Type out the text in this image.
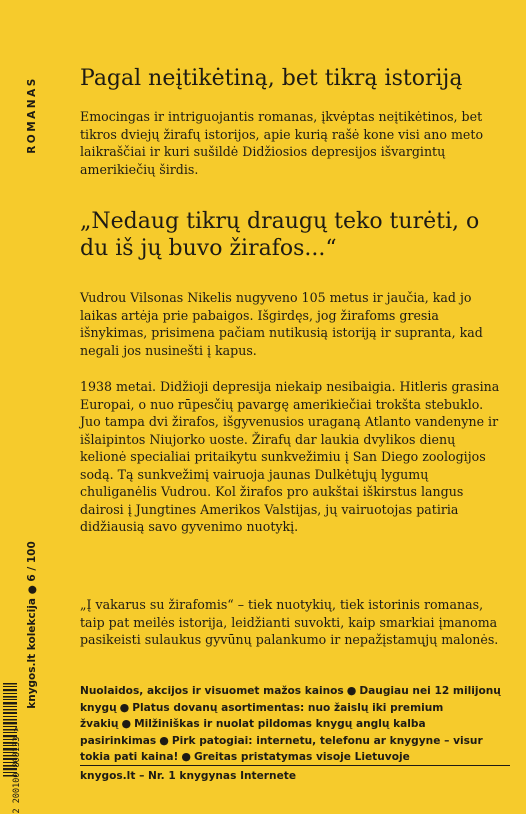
ROMANAS
knygos.lt kolekcija ● 6 / 100
Pagal neįtikėtiną, bet tikrą istoriją

Emocingas ir intriguojantis romanas, įkvėptas neįtikėtinos, bet tikros dviejų žirafų istorijos, apie kurią rašė kone visi ano meto laikraščiai ir kuri sušildė Didžiosios depresijos išvargintų amerikiečių širdis.

„Nedaug tikrų draugų teko turėti, o du iš jų buvo žirafos...“

Vudrou Vilsonas Nikelis nugyveno 105 metus ir jaučia, kad jo laikas artėja prie pabaigos. Išgirdęs, jog žirafoms gresia išnykimas, prisimena pačiam nutikusią istoriją ir supranta, kad negali jos nusinešti į kapus.

1938 metai. Didžioji depresija niekaip nesibaigia. Hitleris grasina Europai, o nuo rūpesčių pavargę amerikiečiai trokšta stebuklo. Juo tampa dvi žirafos, išgyvenusios uraganą Atlanto vandenyne ir išlaipintos Niujorko uoste. Žirafų dar laukia dvylikos dienų kelionė specialiai pritaikytu sunkvežimiu į San Diego zoologijos sodą. Tą sunkvežimį vairuoja jaunas Dulkėtųjų lygumų chuliganėlis Vudrou. Kol žirafos pro aukštai iškirstus langus dairosi į Jungtines Amerikos Valstijas, jų vairuotojas patiria didžiausią savo gyvenimo nuotykį.

„Į vakarus su žirafomis“ – tiek nuotykių, tiek istorinis romanas, taip pat meilės istorija, leidžianti suvokti, kaip smarkiai įmanoma pasikeisti sulaukus gyvūnų palankumo ir nepažįstamųjų malonės.

2 200100 808133 >

Nuolaidos, akcijos ir visuomet mažos kainos ● Daugiau nei 12 milijonų knygų ● Platus dovanų asortimentas: nuo žaislų iki premium žvakių ● Milžiniškas ir nuolat pildomas knygų anglų kalba pasirinkimas ● Pirk patogiai: internetu, telefonu ar knygyne – visur tokia pati kaina! ● Greitas pristatymas visoje Lietuvoje

knygos.lt – Nr. 1 knygynas Internete
